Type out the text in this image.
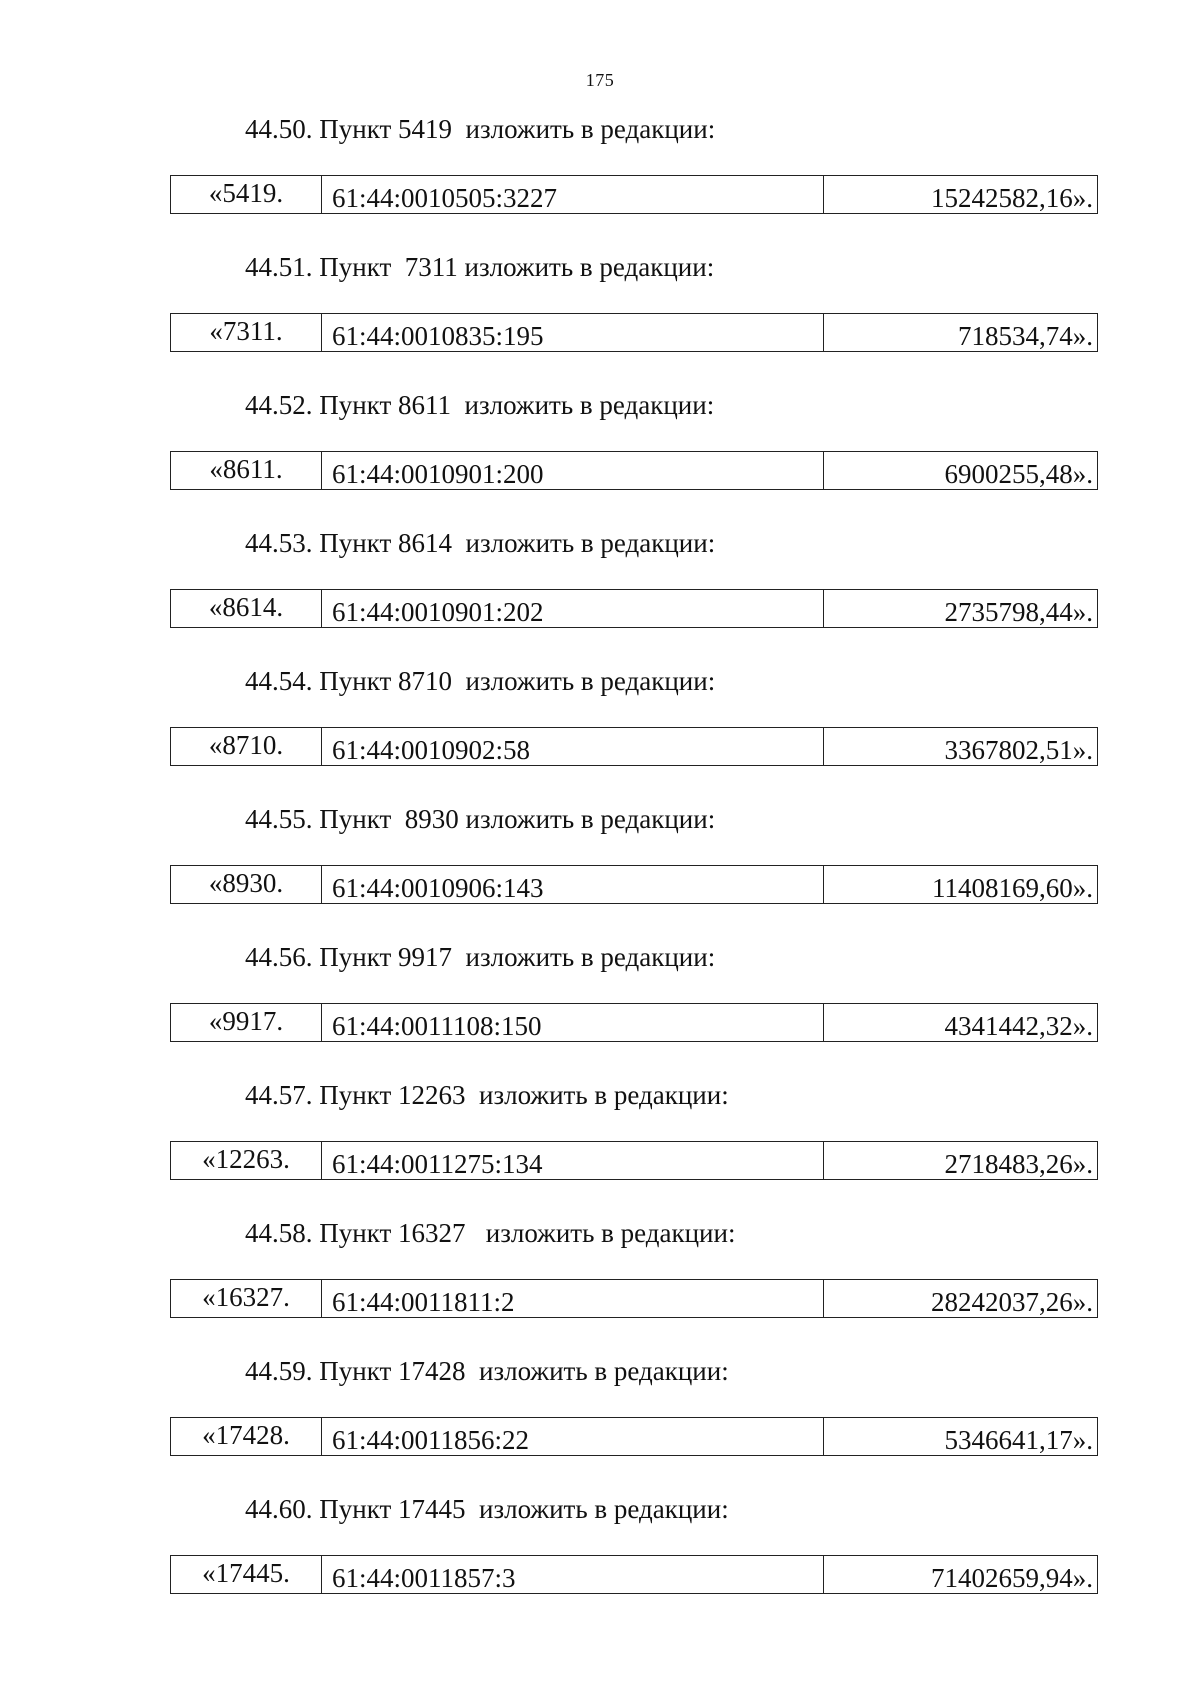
175
44.50. Пункт 5419  изложить в редакции:
«5419.	61:44:0010505:3227	15242582,16».
44.51. Пункт  7311 изложить в редакции:
«7311.	61:44:0010835:195	718534,74».
44.52. Пункт 8611  изложить в редакции:
«8611.	61:44:0010901:200	6900255,48».
44.53. Пункт 8614  изложить в редакции:
«8614.	61:44:0010901:202	2735798,44».
44.54. Пункт 8710  изложить в редакции:
«8710.	61:44:0010902:58	3367802,51».
44.55. Пункт  8930 изложить в редакции:
«8930.	61:44:0010906:143	11408169,60».
44.56. Пункт 9917  изложить в редакции:
«9917.	61:44:0011108:150	4341442,32».
44.57. Пункт 12263  изложить в редакции:
«12263.	61:44:0011275:134	2718483,26».
44.58. Пункт 16327   изложить в редакции:
«16327.	61:44:0011811:2	28242037,26».
44.59. Пункт 17428  изложить в редакции:
«17428.	61:44:0011856:22	5346641,17».
44.60. Пункт 17445  изложить в редакции:
«17445.	61:44:0011857:3	71402659,94».
